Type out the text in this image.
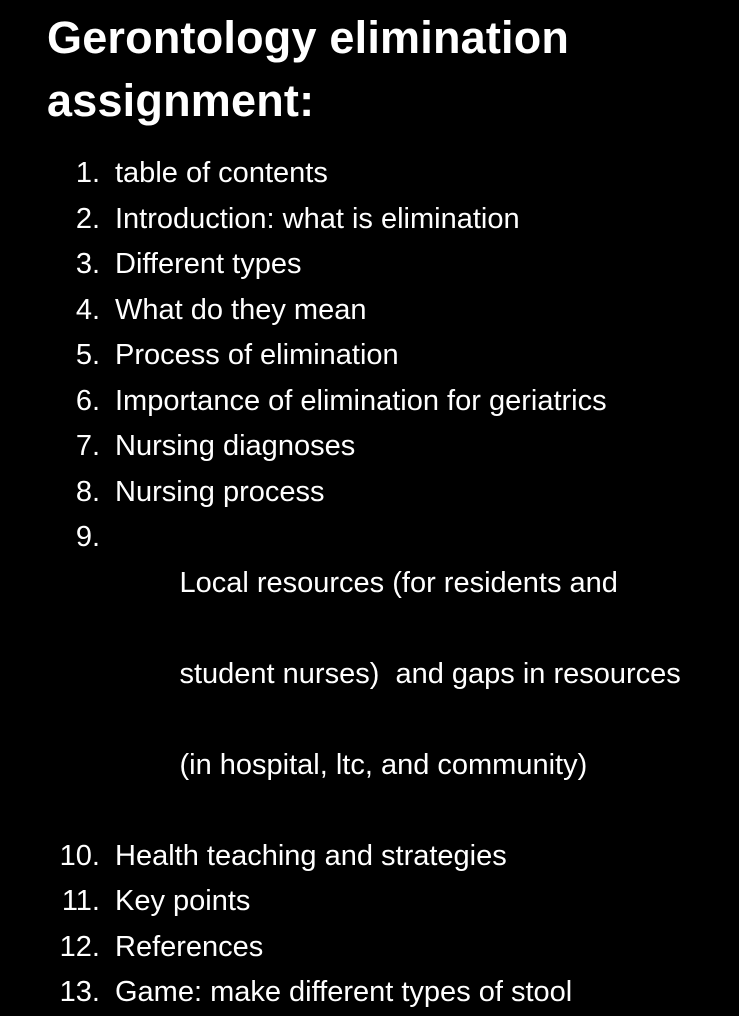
Gerontology elimination
assignment:
1. table of contents
2. Introduction: what is elimination
3. Different types
4. What do they mean
5. Process of elimination
6. Importance of elimination for geriatrics
7. Nursing diagnoses
8. Nursing process
9.

Local resources (for residents and

student nurses)  and gaps in resources

(in hospital, ltc, and community)

10. Health teaching and strategies
11. Key points
12. References
13. Game: make different types of stool
